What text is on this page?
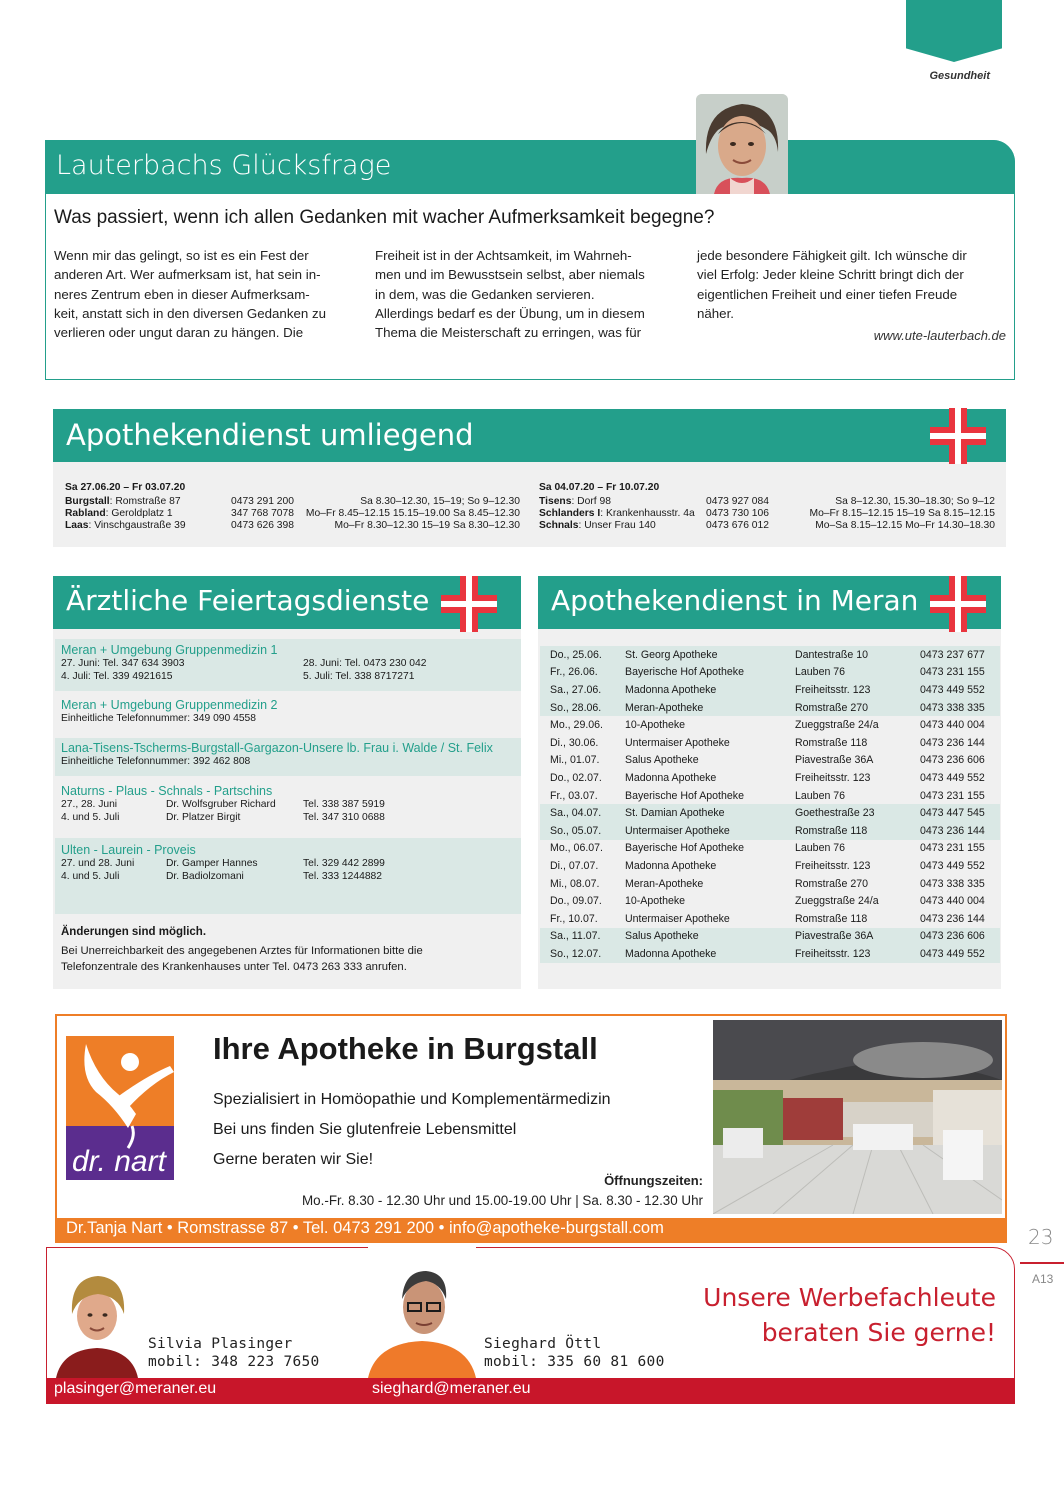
Gesundheit
Lauterbachs Glücksfrage
Was passiert, wenn ich allen Gedanken mit wacher Aufmerksamkeit begegne?
Wenn mir das gelingt, so ist es ein Fest der
anderen Art. Wer aufmerksam ist, hat sein in-
neres Zentrum eben in dieser Aufmerksam-
keit, anstatt sich in den diversen Gedanken zu
verlieren oder ungut daran zu hängen. Die
Freiheit ist in der Achtsamkeit, im Wahrneh-
men und im Bewusstsein selbst, aber niemals
in dem, was die Gedanken servieren.
Allerdings bedarf es der Übung, um in diesem
Thema die Meisterschaft zu erringen, was für
jede besondere Fähigkeit gilt. Ich wünsche dir
viel Erfolg: Jeder kleine Schritt bringt dich der
eigentlichen Freiheit und einer tiefen Freude
näher.
www.ute-lauterbach.de
Apothekendienst umliegend
Sa 27.06.20 – Fr 03.07.20
Burgstall: Romstraße 87	0473 291 200	Sa 8.30–12.30, 15–19; So 9–12.30
Rabland: Geroldplatz 1	347 768 7078 Mo–Fr 8.45–12.15 15.15–19.00 Sa 8.45–12.30
Laas: Vinschgaustraße 39	0473 626 398	Mo–Fr 8.30–12.30 15–19 Sa 8.30–12.30
Sa 04.07.20 – Fr 10.07.20
Tisens: Dorf 98	0473 927 084	Sa 8–12.30, 15.30–18.30; So 9–12
Schlanders I: Krankenhausstr. 4a 0473 730 106	Mo–Fr 8.15–12.15 15–19 Sa 8.15–12.15
Schnals: Unser Frau 140	0473 676 012	Mo–Sa 8.15–12.15 Mo–Fr 14.30–18.30
Ärztliche Feiertagsdienste
Meran + Umgebung Gruppenmedizin 1
27. Juni: Tel. 347 634 3903	28. Juni: Tel. 0473 230 042
4. Juli: Tel. 339 4921615	5. Juli: Tel. 338 8717271
Meran + Umgebung Gruppenmedizin 2
Einheitliche Telefonnummer: 349 090 4558
Lana-Tisens-Tscherms-Burgstall-Gargazon-Unsere lb. Frau i. Walde / St. Felix
Einheitliche Telefonnummer: 392 462 808
Naturns - Plaus - Schnals - Partschins
27., 28. Juni	Dr. Wolfsgruber Richard	Tel. 338 387 5919
4. und 5. Juli	Dr. Platzer Birgit	Tel. 347 310 0688
Ulten - Laurein - Proveis
27. und 28. Juni	Dr. Gamper Hannes	Tel. 329 442 2899
4. und 5. Juli	Dr. Badiolzomani	Tel. 333 1244882
Änderungen sind möglich.
Bei Unerreichbarkeit des angegebenen Arztes für Informationen bitte die Telefonzentrale des Krankenhauses unter Tel. 0473 263 333 anrufen.
Apothekendienst in Meran
Do., 25.06.	St. Georg Apotheke	Dantestraße 10	0473 237 677
Fr., 26.06.	Bayerische Hof Apotheke	Lauben 76	0473 231 155
Sa., 27.06.	Madonna Apotheke	Freiheitsstr. 123	0473 449 552
So., 28.06.	Meran-Apotheke	Romstraße 270	0473 338 335
Mo., 29.06.	10-Apotheke	Zueggstraße 24/a	0473 440 004
Di., 30.06.	Untermaiser Apotheke	Romstraße 118	0473 236 144
Mi., 01.07.	Salus Apotheke	Piavestraße 36A	0473 236 606
Do., 02.07.	Madonna Apotheke	Freiheitsstr. 123	0473 449 552
Fr., 03.07.	Bayerische Hof Apotheke	Lauben 76	0473 231 155
Sa., 04.07.	St. Damian Apotheke	Goethestraße 23	0473 447 545
So., 05.07.	Untermaiser Apotheke	Romstraße 118	0473 236 144
Mo., 06.07.	Bayerische Hof Apotheke	Lauben 76	0473 231 155
Di., 07.07.	Madonna Apotheke	Freiheitsstr. 123	0473 449 552
Mi., 08.07.	Meran-Apotheke	Romstraße 270	0473 338 335
Do., 09.07.	10-Apotheke	Zueggstraße 24/a	0473 440 004
Fr., 10.07.	Untermaiser Apotheke	Romstraße 118	0473 236 144
Sa., 11.07.	Salus Apotheke	Piavestraße 36A	0473 236 606
So., 12.07.	Madonna Apotheke	Freiheitsstr. 123	0473 449 552
dr. nart
Ihre Apotheke in Burgstall
Spezialisiert in Homöopathie und Komplementärmedizin
Bei uns finden Sie glutenfreie Lebensmittel
Gerne beraten wir Sie!
Öffnungszeiten:
Mo.-Fr. 8.30 - 12.30 Uhr und 15.00-19.00 Uhr | Sa. 8.30 - 12.30 Uhr
Dr.Tanja Nart • Romstrasse 87 • Tel. 0473 291 200 • info@apotheke-burgstall.com	23
A13
Silvia Plasinger
mobil: 348 223 7650
Sieghard Öttl
mobil: 335 60 81 600
Unsere Werbefachleute
beraten Sie gerne!
plasinger@meraner.eu	sieghard@meraner.eu
